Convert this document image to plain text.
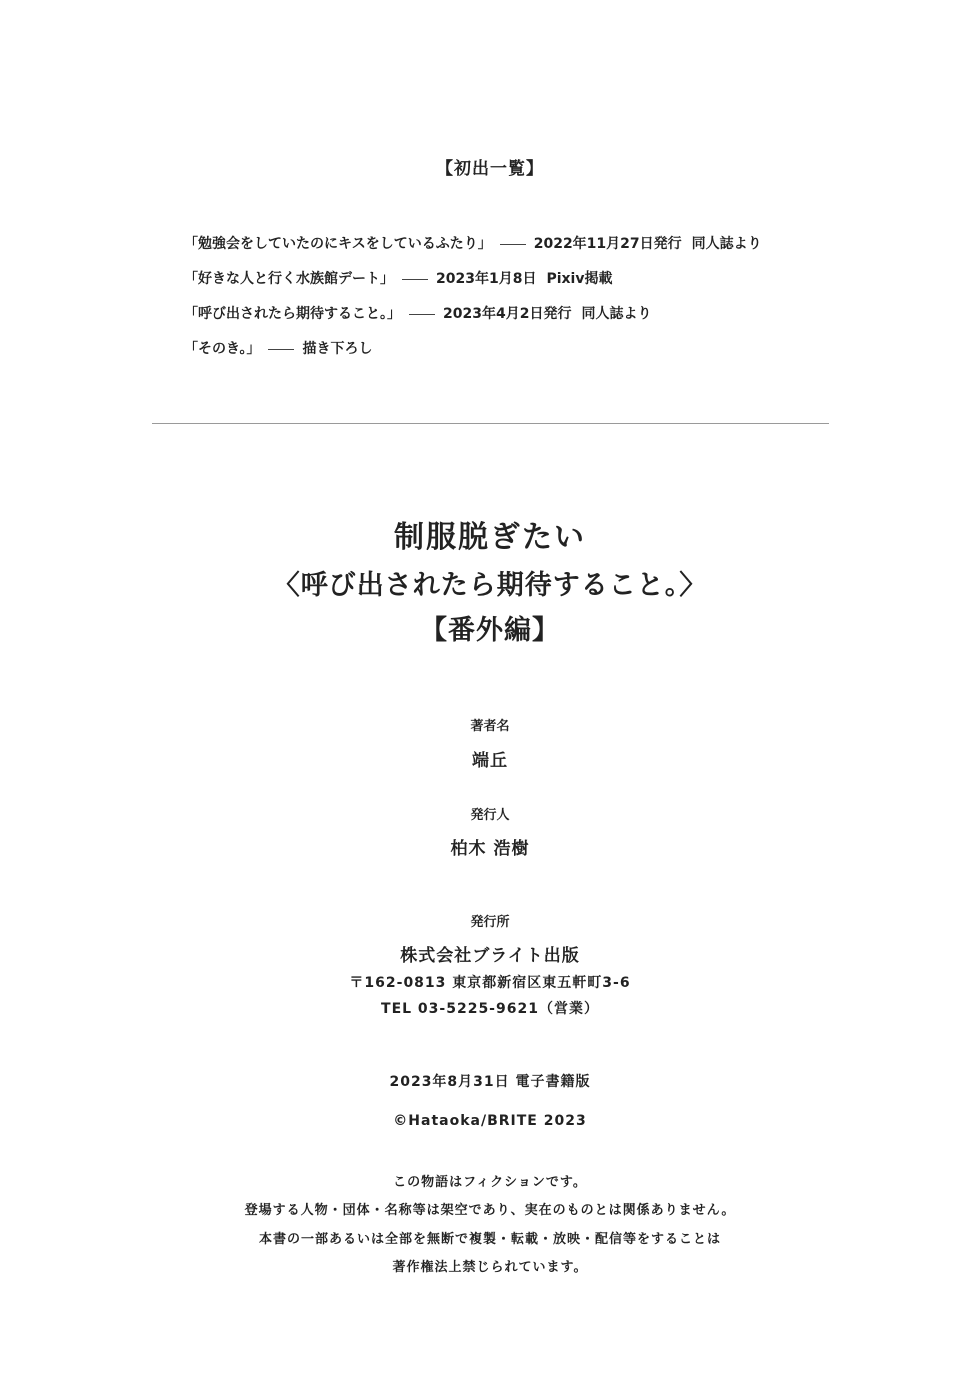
【初出一覧】
「勉強会をしていたのにキスをしているふたり」	2022年11月27日発行 同人誌より
「好きな人と行く水族館デート」	2023年1月8日 Pixiv掲載
「呼び出されたら期待すること。」	2023年4月2日発行 同人誌より
「そのき。」	描き下ろし
制服脱ぎたい
〈呼び出されたら期待すること。〉
【番外編】
著者名
端丘
発行人
柏木 浩樹
発行所
株式会社ブライト出版
〒162-0813 東京都新宿区東五軒町3-6
TEL 03-5225-9621（営業）
2023年8月31日 電子書籍版
©Hataoka/BRITE 2023
この物語はフィクションです。
登場する人物・団体・名称等は架空であり、実在のものとは関係ありません。
本書の一部あるいは全部を無断で複製・転載・放映・配信等をすることは
著作権法上禁じられています。
